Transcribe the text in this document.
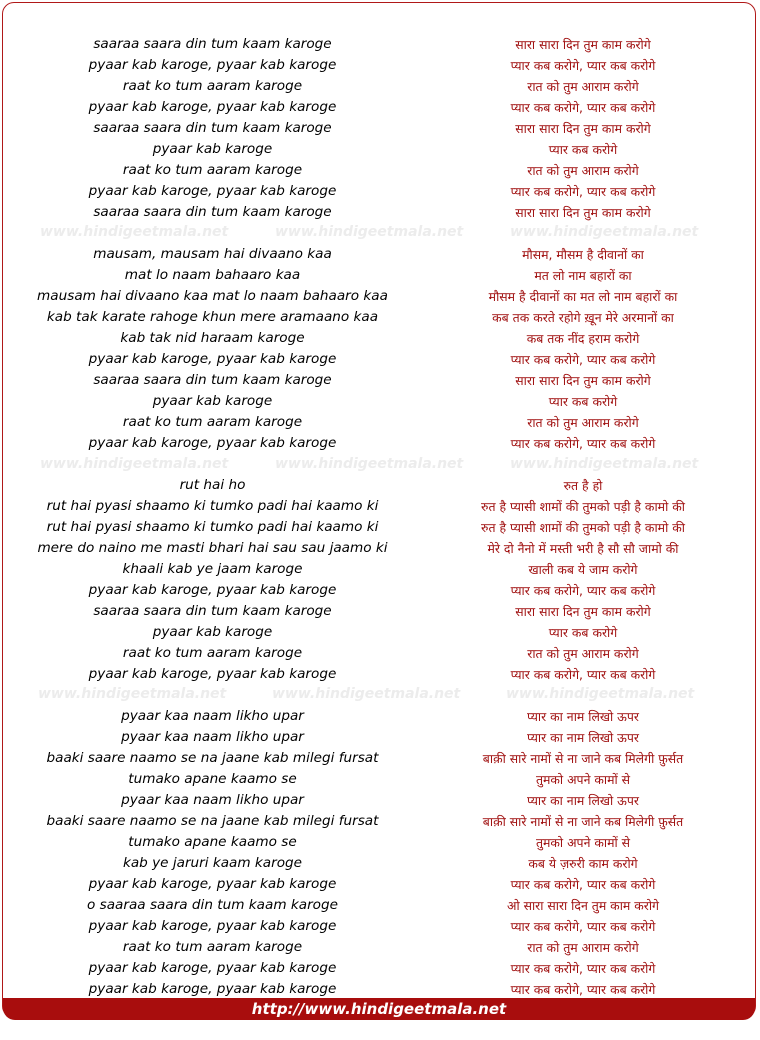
www.hindigeetmala.net	www.hindigeetmala.net	www.hindigeetmala.net
www.hindigeetmala.net	www.hindigeetmala.net	www.hindigeetmala.net
www.hindigeetmala.net	www.hindigeetmala.net	www.hindigeetmala.net
saaraa saara din tum kaam karoge	सारा सारा दिन तुम काम करोगे
pyaar kab karoge, pyaar kab karoge	प्यार कब करोगे, प्यार कब करोगे
raat ko tum aaram karoge	रात को तुम आराम करोगे
pyaar kab karoge, pyaar kab karoge	प्यार कब करोगे, प्यार कब करोगे
saaraa saara din tum kaam karoge	सारा सारा दिन तुम काम करोगे
pyaar kab karoge	प्यार कब करोगे
raat ko tum aaram karoge	रात को तुम आराम करोगे
pyaar kab karoge, pyaar kab karoge	प्यार कब करोगे, प्यार कब करोगे
saaraa saara din tum kaam karoge	सारा सारा दिन तुम काम करोगे
mausam, mausam hai divaano kaa	मौसम, मौसम है दीवानों का
mat lo naam bahaaro kaa	मत लो नाम बहारों का
mausam hai divaano kaa mat lo naam bahaaro kaa	मौसम है दीवानों का मत लो नाम बहारों का
kab tak karate rahoge khun mere aramaano kaa	कब तक करते रहोगे ख़ून मेरे अरमानों का
kab tak nid haraam karoge	कब तक नींद हराम करोगे
pyaar kab karoge, pyaar kab karoge	प्यार कब करोगे, प्यार कब करोगे
saaraa saara din tum kaam karoge	सारा सारा दिन तुम काम करोगे
pyaar kab karoge	प्यार कब करोगे
raat ko tum aaram karoge	रात को तुम आराम करोगे
pyaar kab karoge, pyaar kab karoge	प्यार कब करोगे, प्यार कब करोगे
rut hai ho	रुत है हो
rut hai pyasi shaamo ki tumko padi hai kaamo ki	रुत है प्यासी शामों की तुमको पड़ी है कामो की
rut hai pyasi shaamo ki tumko padi hai kaamo ki	रुत है प्यासी शामों की तुमको पड़ी है कामो की
mere do naino me masti bhari hai sau sau jaamo ki	मेरे दो नैनो में मस्ती भरी है सौ सौ जामो की
khaali kab ye jaam karoge	खाली कब ये जाम करोगे
pyaar kab karoge, pyaar kab karoge	प्यार कब करोगे, प्यार कब करोगे
saaraa saara din tum kaam karoge	सारा सारा दिन तुम काम करोगे
pyaar kab karoge	प्यार कब करोगे
raat ko tum aaram karoge	रात को तुम आराम करोगे
pyaar kab karoge, pyaar kab karoge	प्यार कब करोगे, प्यार कब करोगे
pyaar kaa naam likho upar	प्यार का नाम लिखो ऊपर
pyaar kaa naam likho upar	प्यार का नाम लिखो ऊपर
baaki saare naamo se na jaane kab milegi fursat	बाक़ी सारे नामों से ना जाने कब मिलेगी फ़ुर्सत
tumako apane kaamo se	तुमको अपने कामों से
pyaar kaa naam likho upar	प्यार का नाम लिखो ऊपर
baaki saare naamo se na jaane kab milegi fursat	बाक़ी सारे नामों से ना जाने कब मिलेगी फ़ुर्सत
tumako apane kaamo se	तुमको अपने कामों से
kab ye jaruri kaam karoge	कब ये ज़रुरी काम करोगे
pyaar kab karoge, pyaar kab karoge	प्यार कब करोगे, प्यार कब करोगे
o saaraa saara din tum kaam karoge	ओ सारा सारा दिन तुम काम करोगे
pyaar kab karoge, pyaar kab karoge	प्यार कब करोगे, प्यार कब करोगे
raat ko tum aaram karoge	रात को तुम आराम करोगे
pyaar kab karoge, pyaar kab karoge	प्यार कब करोगे, प्यार कब करोगे
pyaar kab karoge, pyaar kab karoge	प्यार कब करोगे, प्यार कब करोगे
http://www.hindigeetmala.net
